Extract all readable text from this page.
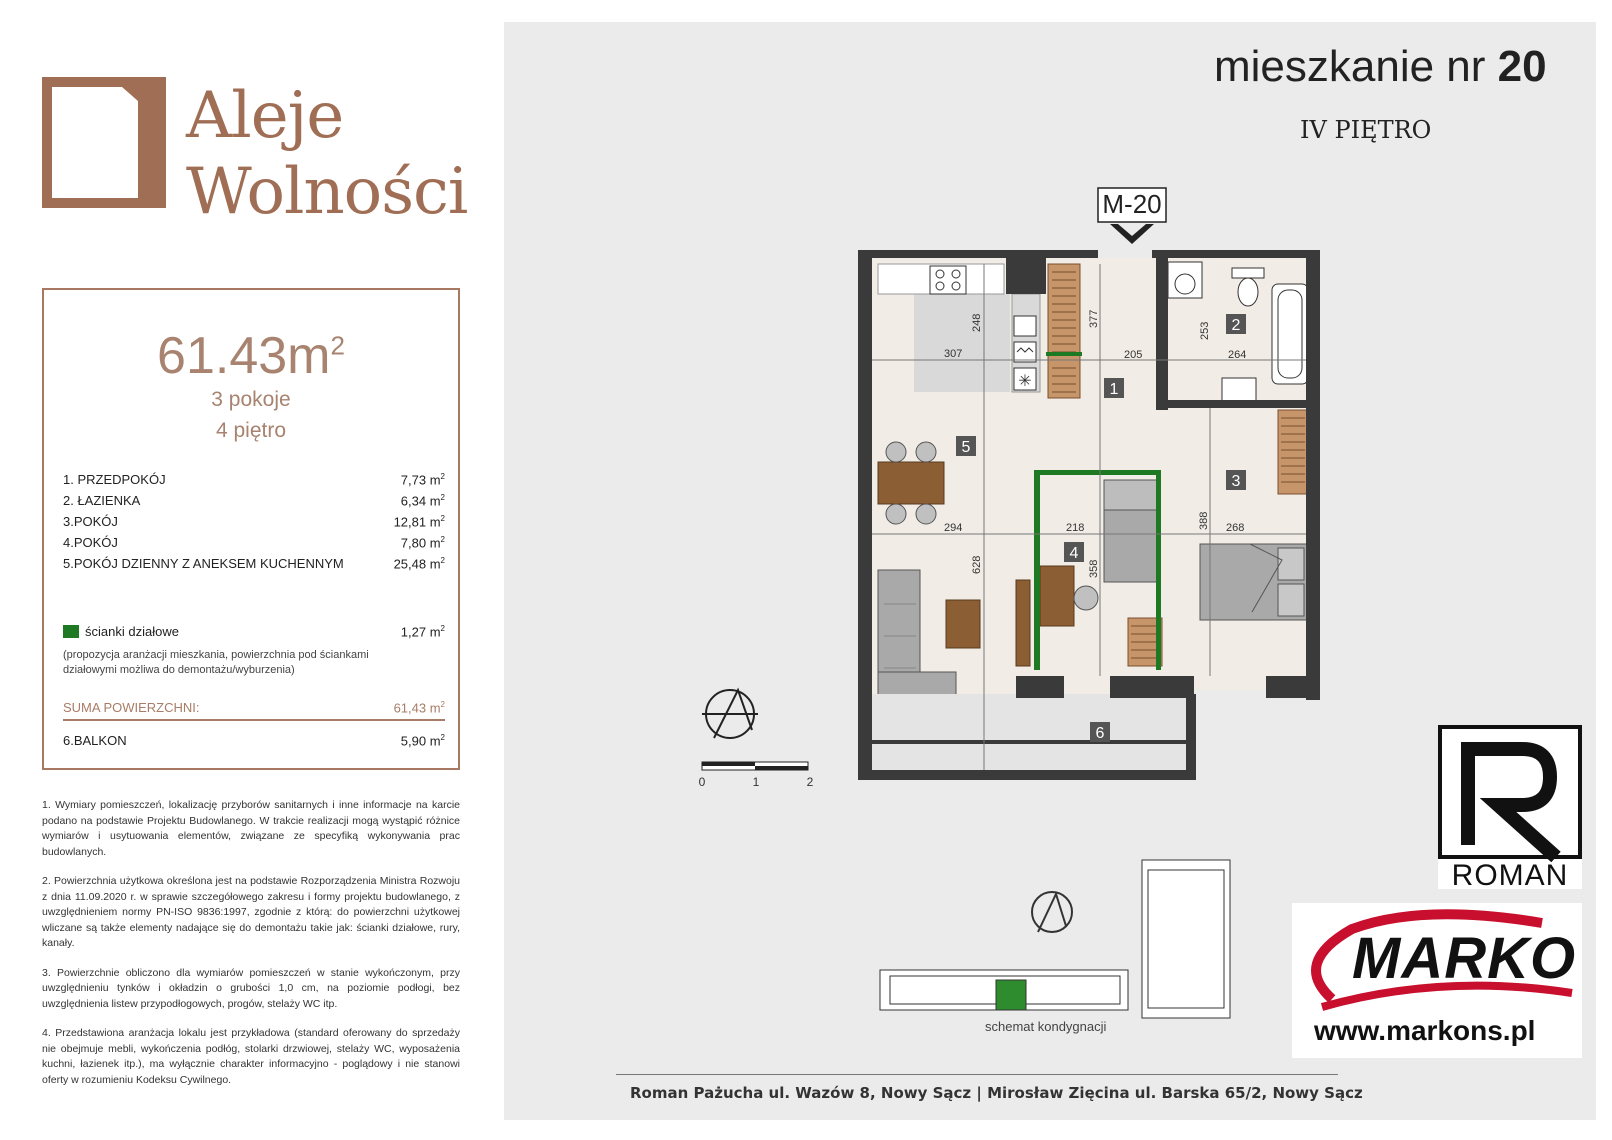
Aleje
Wolności
$61.43m^2$
3 pokoje
4 piętro
1. PRZEDPOKÓJ	7,73 $m^2$
2. ŁAZIENKA	6,34 $m^2$
3.POKÓJ	12,81 $m^2$
4.POKÓJ	7,80 $m^2$
5.POKÓJ DZIENNY Z ANEKSEM KUCHENNYM	25,48 $m^2$
ścianki działowe	1,27 $m^2$
(propozycja aranżacji mieszkania, powierzchnia pod ściankami działowymi możliwa do demontażu/wyburzenia)
SUMA POWIERZCHNI:	61,43 $m^2$
6.BALKON	5,90 $m^2$

1. Wymiary pomieszczeń, lokalizację przyborów sanitarnych i inne informacje na karcie podano na podstawie Projektu Budowlanego. W trakcie realizacji mogą wystąpić różnice wymiarów i usytuowania elementów, związane ze specyfiką wykonywania prac budowlanych.

2. Powierzchnia użytkowa określona jest na podstawie Rozporządzenia Ministra Rozwoju z dnia 11.09.2020 r. w sprawie szczegółowego zakresu i formy projektu budowlanego, z uwzględnieniem normy PN-ISO 9836:1997, zgodnie z którą: do powierzchni użytkowej wliczane są także elementy nadające się do demontażu takie jak: ścianki działowe, rury, kanały.

3. Powierzchnie obliczono dla wymiarów pomieszczeń w stanie wykończonym, przy uwzględnieniu tynków i okładzin o grubości 1,0 cm, na poziomie podłogi, bez uwzględnienia listew przypodłogowych, progów, stelaży WC itp.

4. Przedstawiona aranżacja lokalu jest przykładowa (standard oferowany do sprzedaży nie obejmuje mebli, wykończenia podłóg, stolarki drzwiowej, stelaży WC, wyposażenia kuchni, łazienek itp.), ma wyłącznie charakter informacyjno - poglądowy i nie stanowi oferty w rozumieniu Kodeksu Cywilnego.

mieszkanie nr 20
IV PIĘTRO
M-20
✳
248
307
377
205
253
264
294
628
218
358
388 268
1
2
3
4
5
6
0	1	2
schemat kondygnacji
ROMAN
MARKO
www.markons.pl
Roman Pażucha ul. Wazów 8, Nowy Sącz | Mirosław Zięcina ul. Barska 65/2, Nowy Sącz
